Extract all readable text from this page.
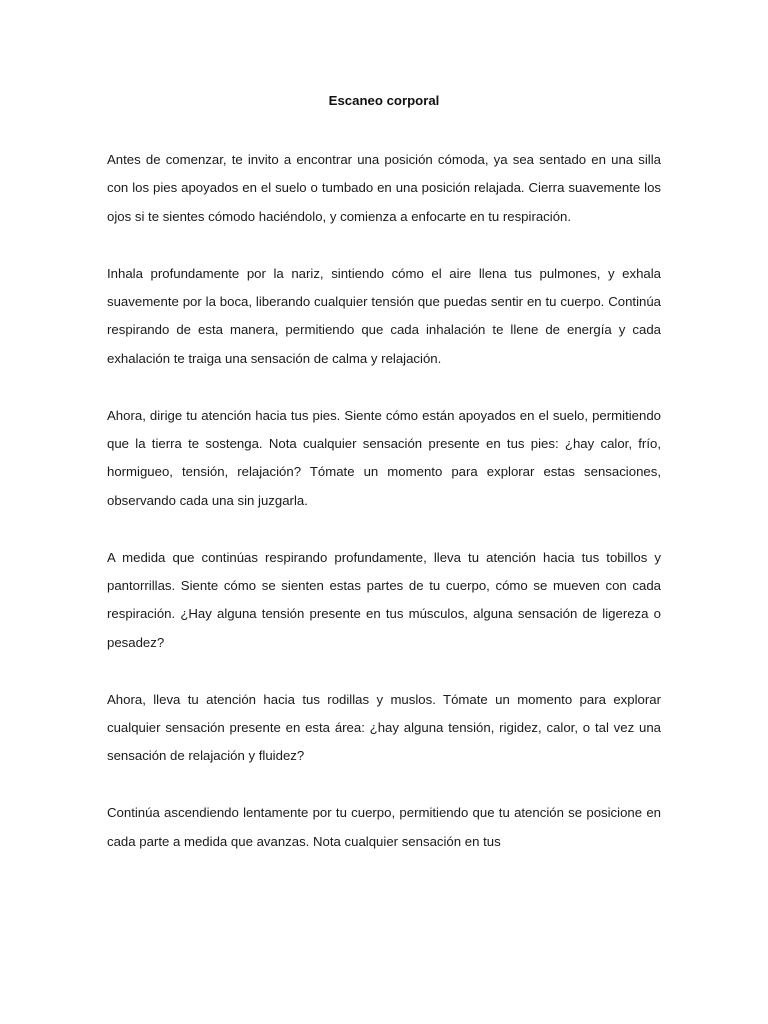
Escaneo corporal

Antes de comenzar, te invito a encontrar una posición cómoda, ya sea sentado en una silla con los pies apoyados en el suelo o tumbado en una posición relajada. Cierra suavemente los ojos si te sientes cómodo haciéndolo, y comienza a enfocarte en tu respiración.

Inhala profundamente por la nariz, sintiendo cómo el aire llena tus pulmones, y exhala suavemente por la boca, liberando cualquier tensión que puedas sentir en tu cuerpo. Continúa respirando de esta manera, permitiendo que cada inhalación te llene de energía y cada exhalación te traiga una sensación de calma y relajación.

Ahora, dirige tu atención hacia tus pies. Siente cómo están apoyados en el suelo, permitiendo que la tierra te sostenga. Nota cualquier sensación presente en tus pies: ¿hay calor, frío, hormigueo, tensión, relajación? Tómate un momento para explorar estas sensaciones, observando cada una sin juzgarla.

A medida que continúas respirando profundamente, lleva tu atención hacia tus tobillos y pantorrillas. Siente cómo se sienten estas partes de tu cuerpo, cómo se mueven con cada respiración. ¿Hay alguna tensión presente en tus músculos, alguna sensación de ligereza o pesadez?

Ahora, lleva tu atención hacia tus rodillas y muslos. Tómate un momento para explorar cualquier sensación presente en esta área: ¿hay alguna tensión, rigidez, calor, o tal vez una sensación de relajación y fluidez?

Continúa ascendiendo lentamente por tu cuerpo, permitiendo que tu atención se posicione en cada parte a medida que avanzas. Nota cualquier sensación en tus
